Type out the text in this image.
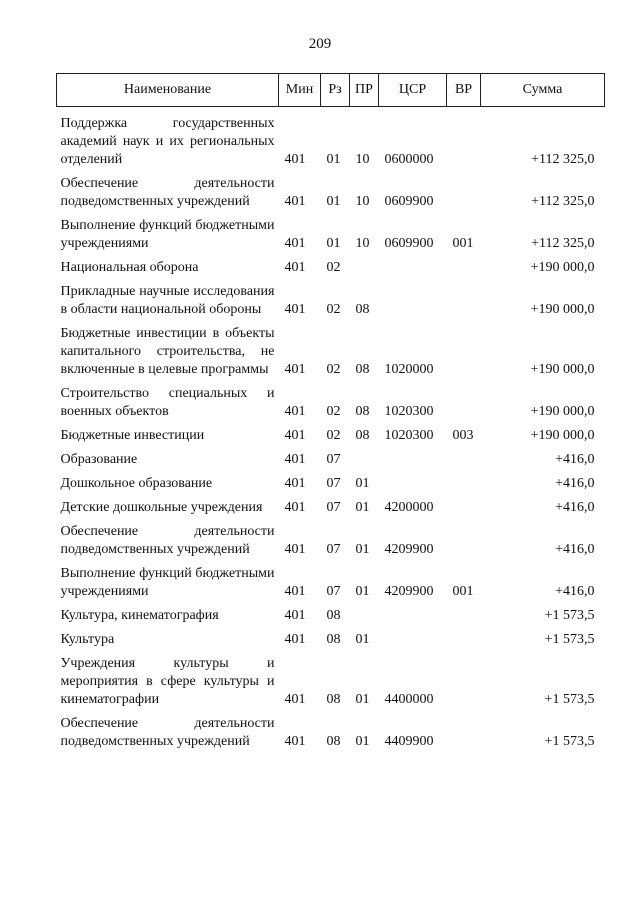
209
Наименование	Мин	Рз	ПР	ЦСР	ВР	Сумма

Поддержка государственных академий наук и их региональных отделений	401	01	10	0600000		+112 325,0
Обеспечение деятельности подведомственных учреждений	401	01	10	0609900		+112 325,0
Выполнение функций бюджетными учреждениями	401	01	10	0609900	001	+112 325,0
Национальная оборона	401	02				+190 000,0
Прикладные научные исследования в области национальной обороны	401	02	08			+190 000,0
Бюджетные инвестиции в объекты капитального строительства, не включенные в целевые программы	401	02	08	1020000		+190 000,0
Строительство специальных и военных объектов	401	02	08	1020300		+190 000,0
Бюджетные инвестиции	401	02	08	1020300	003	+190 000,0
Образование	401	07				+416,0
Дошкольное образование	401	07	01			+416,0
Детские дошкольные учреждения	401	07	01	4200000		+416,0
Обеспечение деятельности подведомственных учреждений	401	07	01	4209900		+416,0
Выполнение функций бюджетными учреждениями	401	07	01	4209900	001	+416,0
Культура, кинематография	401	08				+1 573,5
Культура	401	08	01			+1 573,5
Учреждения культуры и мероприятия в сфере культуры и кинематографии	401	08	01	4400000		+1 573,5
Обеспечение деятельности подведомственных учреждений	401	08	01	4409900		+1 573,5
